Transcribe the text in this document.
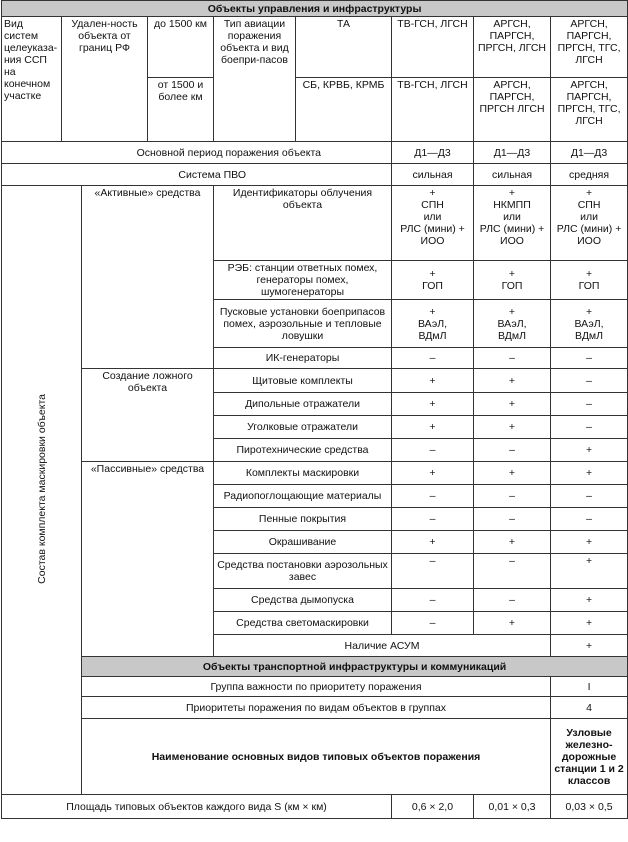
Объекты управления и инфраструктуры									
Вид систем целеуказа-ния ССП на конечном участке	Удален-ность объекта от границ РФ		до 1500 км	Тип авиации поражения объекта и вид боепри-пасов	ТА	ТВ-ГСН, ЛГСН	АРГСН, ПАРГСН, ПРГСН, ЛГСН	АРГСН, ПАРГСН, ПРГСН, ТГС, ЛГСН	
			от 1500 и более км		СБ, КРВБ, КРМБ	ТВ-ГСН, ЛГСН	АРГСН, ПАРГСН, ПРГСН ЛГСН	АРГСН, ПАРГСН, ПРГСН, ТГС, ЛГСН	
Основной период поражения объекта						Д1—Д3	Д1—Д3	Д1—Д3	
Система ПВО						сильная	сильная	средняя	
Состав комплекта маскировки объекта		«Активные» средства		Идентификаторы облучения объекта		+
СПН
или
РЛС (мини) +
ИОО	+
НКМПП
или
РЛС (мини) +
ИОО	+
СПН
или
РЛС (мини) +
ИОО	
				РЭБ: станции ответных помех, генераторы помех, шумогенераторы		+
ГОП	+
ГОП	+
ГОП	
				Пусковые установки боеприпасов помех, аэрозольные и тепловые ловушки		+
ВАэЛ,
ВДмЛ	+
ВАэЛ,
ВДмЛ	+
ВАэЛ,
ВДмЛ	
				ИК-генераторы		–	–	–	
		Создание ложного объекта		Щитовые комплекты		+	+	–	
				Дипольные отражатели		+	+	–	
				Уголковые отражатели		+	+	–	
				Пиротехнические средства		–	–	+	
		«Пассивные» средства		Комплекты маскировки		+	+	+	
				Радиопоглощающие материалы		–	–	–	
				Пенные покрытия		–	–	–	
				Окрашивание		+	+	+	
				Средства постановки аэрозольных завес		–	–	+	
				Средства дымопуска		–	–	+	
				Средства светомаскировки		–	+	+	
				Наличие АСУМ				+		
		Объекты транспортной инфраструктуры и коммуникаций							
		Группа важности по приоритету поражения						I	
		Приоритеты поражения по видам объектов в группах						4		
		Наименование основных видов типовых объектов поражения						Узловые железно-дорожные станции 1 и 2 классов		
Площадь типовых объектов каждого вида S (км × км)						0,6 × 2,0	0,01 × 0,3	0,03 × 0,5	
